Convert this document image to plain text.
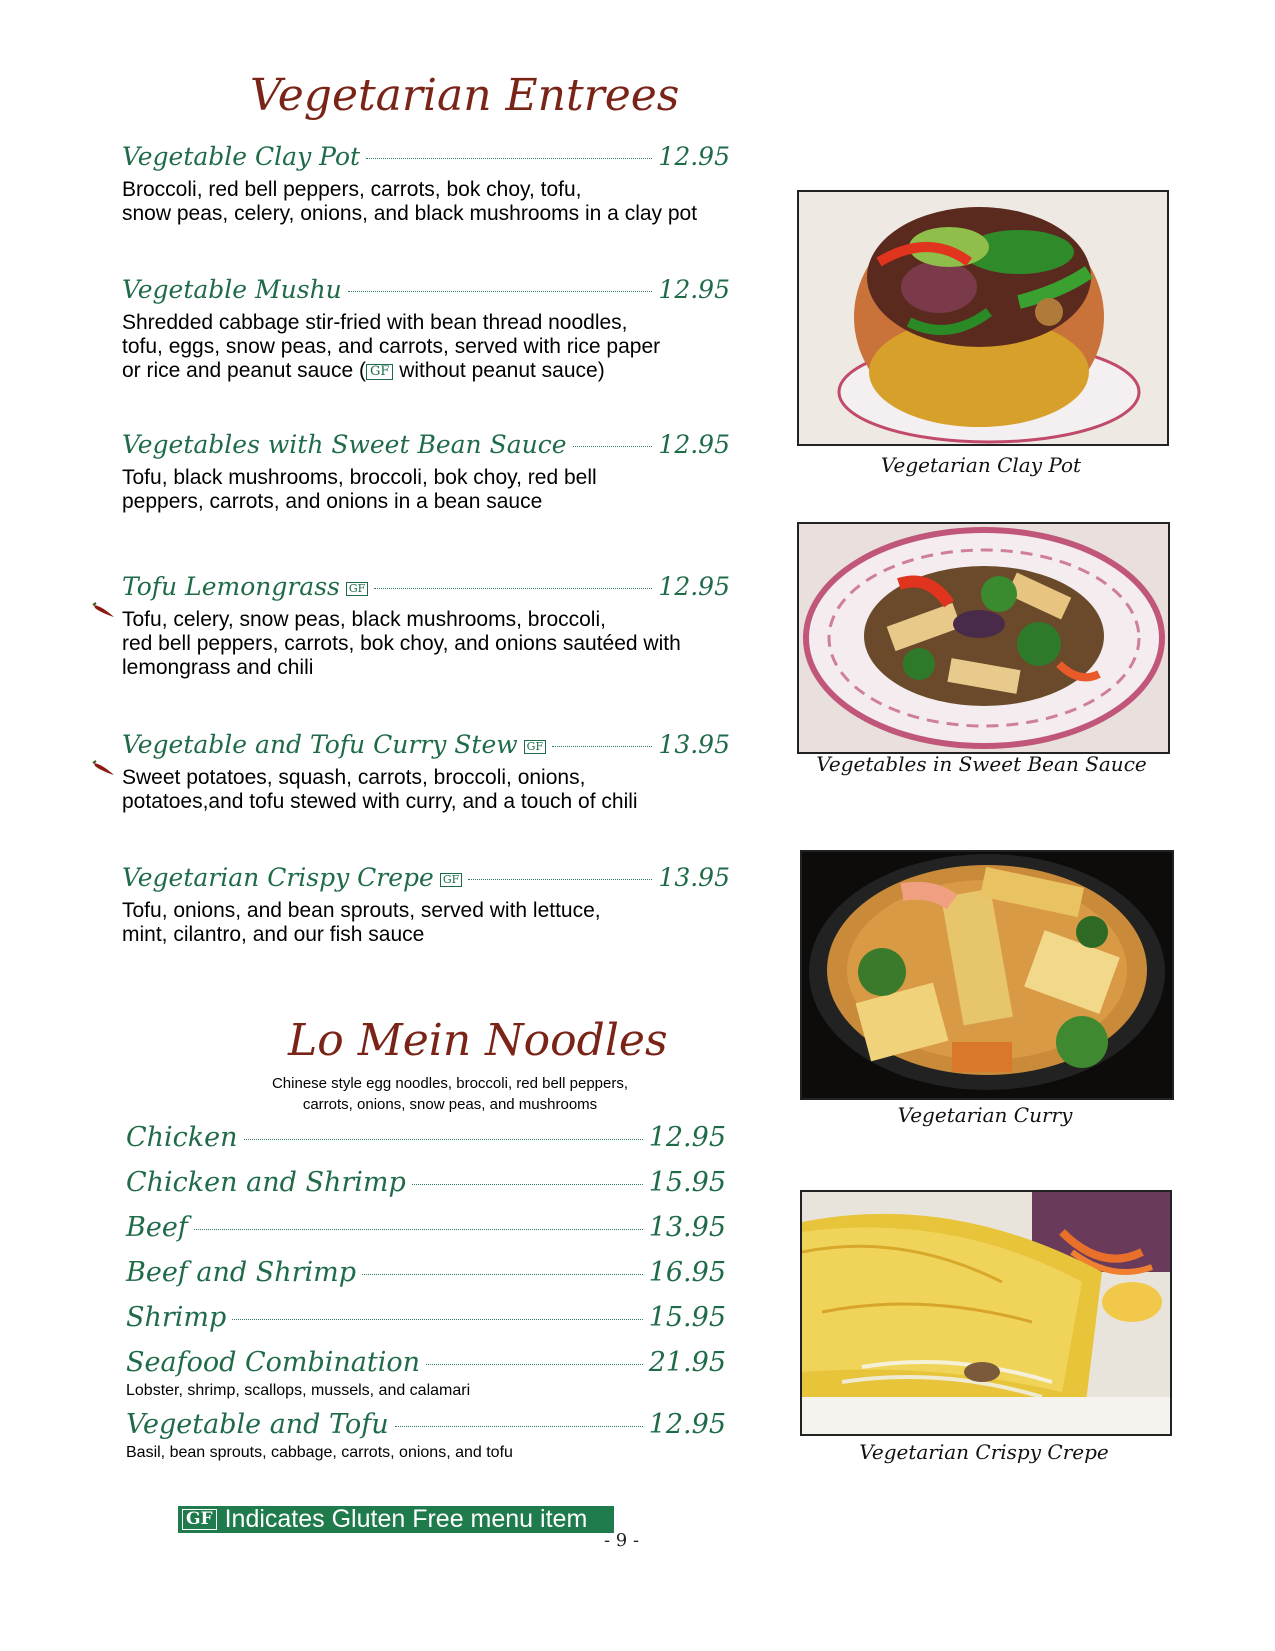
Vegetarian Entrees
Vegetable Clay Pot	12.95
Broccoli, red bell peppers, carrots, bok choy, tofu,
snow peas, celery, onions, and black mushrooms in a clay pot
Vegetable Mushu	12.95
Shredded cabbage stir-fried with bean thread noodles,
tofu, eggs, snow peas, and carrots, served with rice paper
or rice and peanut sauce ( GF without peanut sauce)
Vegetables with Sweet Bean Sauce	12.95
Tofu, black mushrooms, broccoli, bok choy, red bell
peppers, carrots, and onions in a bean sauce
Tofu Lemongrass GF	12.95
Tofu, celery, snow peas, black mushrooms, broccoli,
red bell peppers, carrots, bok choy, and onions sautéed with
lemongrass and chili
Vegetable and Tofu Curry Stew GF	13.95
Sweet potatoes, squash, carrots, broccoli, onions,
potatoes,and tofu stewed with curry, and a touch of chili
Vegetarian Crispy Crepe GF	13.95
Tofu, onions, and bean sprouts, served with lettuce,
mint, cilantro, and our fish sauce
Lo Mein Noodles
Chinese style egg noodles, broccoli, red bell peppers,
carrots, onions, snow peas, and mushrooms
Chicken	12.95
Chicken and Shrimp	15.95
Beef	13.95
Beef and Shrimp	16.95
Shrimp	15.95
Seafood Combination	21.95
Lobster, shrimp, scallops, mussels, and calamari
Vegetable and Tofu	12.95
Basil, bean sprouts, cabbage, carrots, onions, and tofu
Vegetarian Clay Pot
Vegetables in Sweet Bean Sauce
Vegetarian Curry
Vegetarian Crispy Crepe
GF Indicates Gluten Free menu item
- 9 -
